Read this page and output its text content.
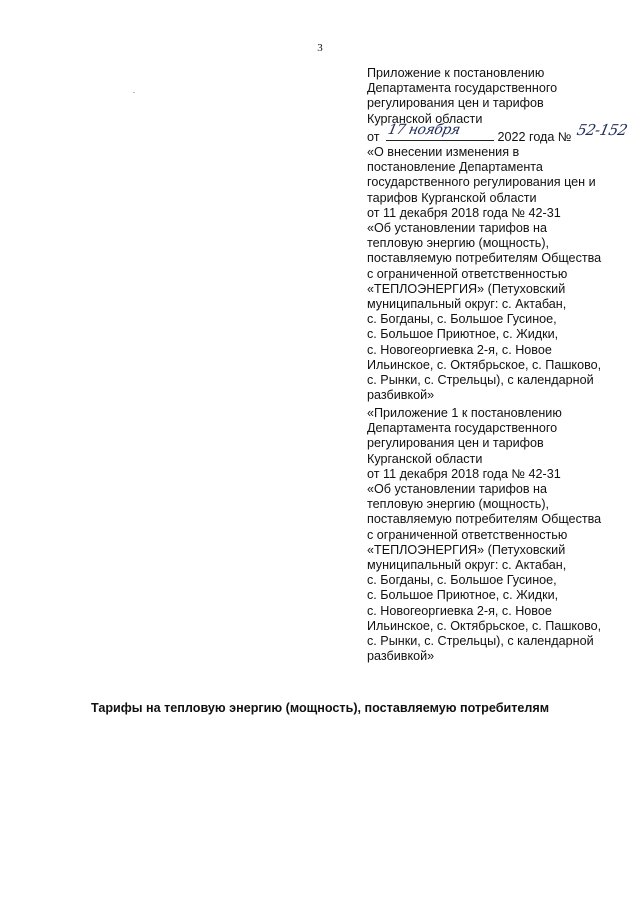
3
Приложение к постановлению
Департамента государственного
регулирования цен и тарифов
Курганской области
от 17 ноября	2022 года № 52-152
«О внесении изменения в
постановление Департамента
государственного регулирования цен и
тарифов Курганской области
от 11 декабря 2018 года № 42-31
«Об установлении тарифов на
тепловую энергию (мощность),
поставляемую потребителям Общества
с ограниченной ответственностью
«ТЕПЛОЭНЕРГИЯ» (Петуховский
муниципальный округ: с. Актабан,
с. Богданы, с. Большое Гусиное,
с. Большое Приютное, с. Жидки,
с. Новогеоргиевка 2-я, с. Новое
Ильинское, с. Октябрьское, с. Пашково,
с. Рынки, с. Стрельцы), с календарной
разбивкой»
«Приложение 1 к постановлению
Департамента государственного
регулирования цен и тарифов
Курганской области
от 11 декабря 2018 года № 42-31
«Об установлении тарифов на
тепловую энергию (мощность),
поставляемую потребителям Общества
с ограниченной ответственностью
«ТЕПЛОЭНЕРГИЯ» (Петуховский
муниципальный округ: с. Актабан,
с. Богданы, с. Большое Гусиное,
с. Большое Приютное, с. Жидки,
с. Новогеоргиевка 2-я, с. Новое
Ильинское, с. Октябрьское, с. Пашково,
с. Рынки, с. Стрельцы), с календарной
разбивкой»
Тарифы на тепловую энергию (мощность), поставляемую потребителям
